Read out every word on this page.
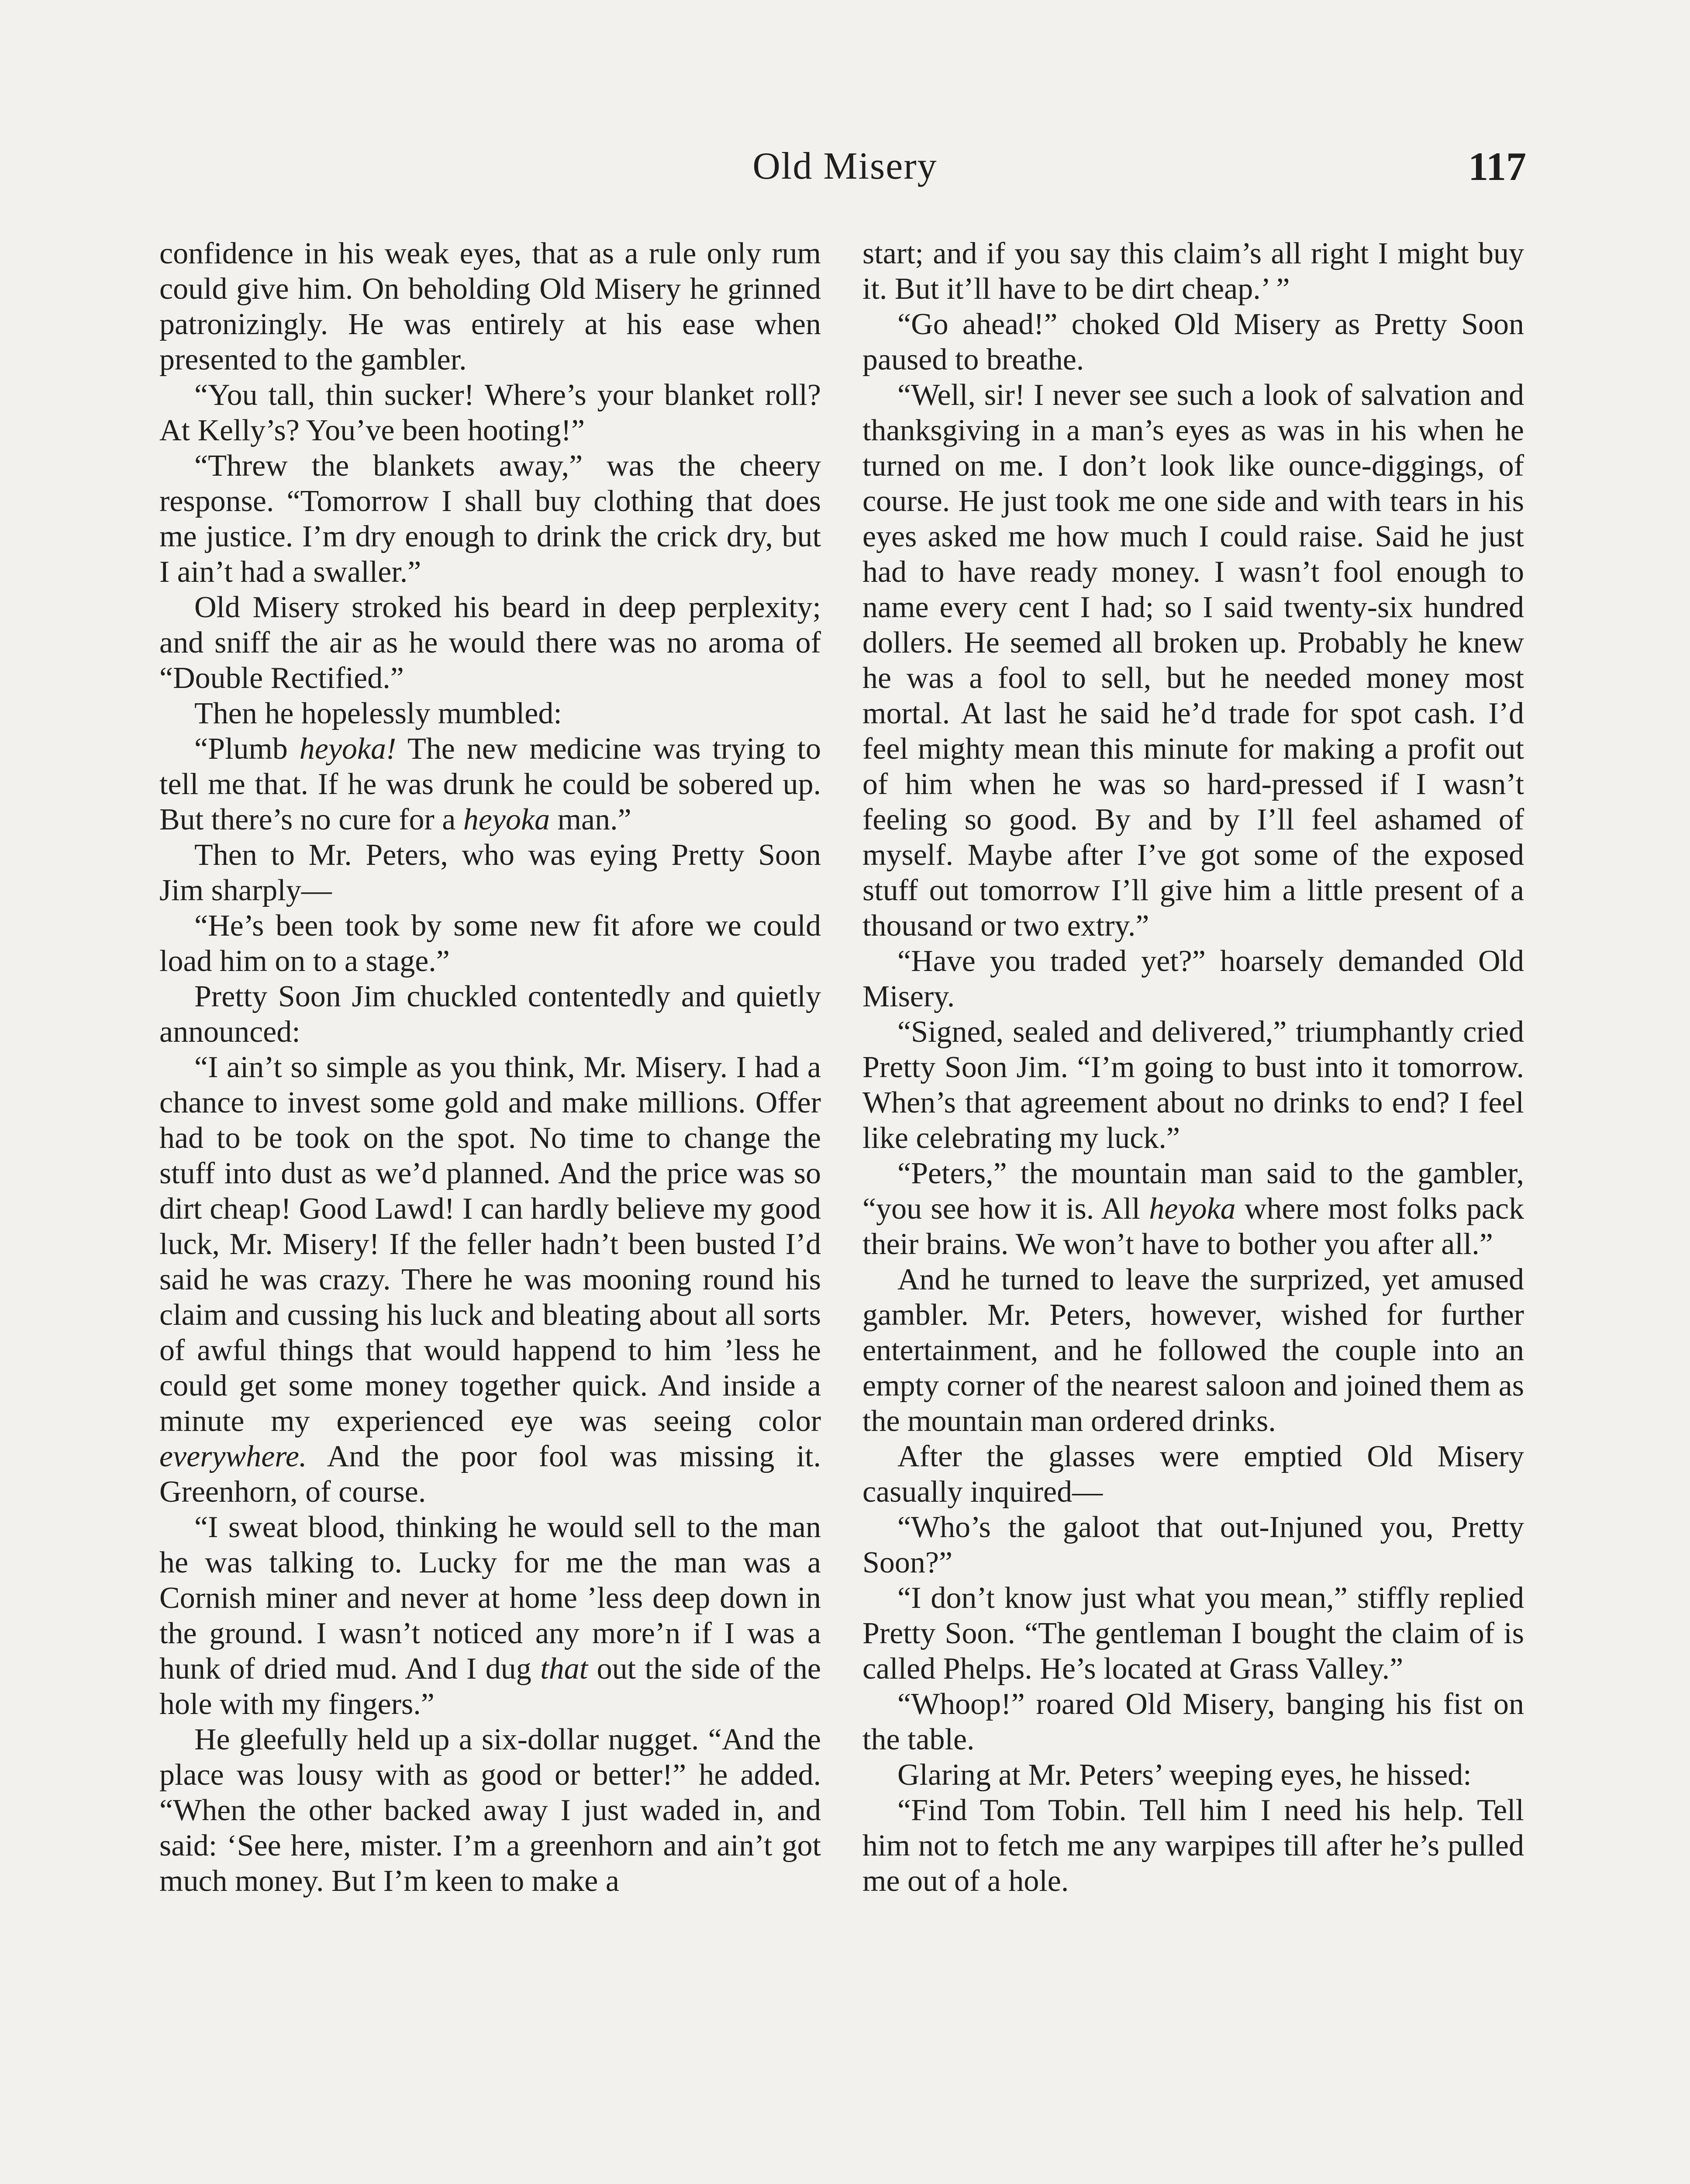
Old Misery	117

confidence in his weak eyes, that as a rule only rum could give him. On beholding Old Misery he grinned patronizingly. He was entirely at his ease when presented to the gambler.

“You tall, thin sucker! Where’s your blanket roll? At Kelly’s? You’ve been hooting!”

“Threw the blankets away,” was the cheery response. “Tomorrow I shall buy clothing that does me justice. I’m dry enough to drink the crick dry, but I ain’t had a swaller.”

Old Misery stroked his beard in deep perplexity; and sniff the air as he would there was no aroma of “Double Rectified.”

Then he hopelessly mumbled:

“Plumb heyoka! The new medicine was trying to tell me that. If he was drunk he could be sobered up. But there’s no cure for a heyoka man.”

Then to Mr. Peters, who was eying Pretty Soon Jim sharply—

“He’s been took by some new fit afore we could load him on to a stage.”

Pretty Soon Jim chuckled contentedly and quietly announced:

“I ain’t so simple as you think, Mr. Misery. I had a chance to invest some gold and make millions. Offer had to be took on the spot. No time to change the stuff into dust as we’d planned. And the price was so dirt cheap! Good Lawd! I can hardly believe my good luck, Mr. Misery! If the feller hadn’t been busted I’d said he was crazy. There he was mooning round his claim and cussing his luck and bleating about all sorts of awful things that would happend to him ’less he could get some money together quick. And inside a minute my experienced eye was seeing color everywhere. And the poor fool was missing it. Greenhorn, of course.

“I sweat blood, thinking he would sell to the man he was talking to. Lucky for me the man was a Cornish miner and never at home ’less deep down in the ground. I wasn’t noticed any more’n if I was a hunk of dried mud. And I dug that out the side of the hole with my fingers.”

He gleefully held up a six-dollar nugget. “And the place was lousy with as good or better!” he added. “When the other backed away I just waded in, and said: ‘See here, mister. I’m a greenhorn and ain’t got much money. But I’m keen to make a

start; and if you say this claim’s all right I might buy it. But it’ll have to be dirt cheap.’ ”

“Go ahead!” choked Old Misery as Pretty Soon paused to breathe.

“Well, sir! I never see such a look of salvation and thanksgiving in a man’s eyes as was in his when he turned on me. I don’t look like ounce-diggings, of course. He just took me one side and with tears in his eyes asked me how much I could raise. Said he just had to have ready money. I wasn’t fool enough to name every cent I had; so I said twenty-six hundred dollers. He seemed all broken up. Probably he knew he was a fool to sell, but he needed money most mortal. At last he said he’d trade for spot cash. I’d feel mighty mean this minute for making a profit out of him when he was so hard-pressed if I wasn’t feeling so good. By and by I’ll feel ashamed of myself. Maybe after I’ve got some of the exposed stuff out tomorrow I’ll give him a little present of a thousand or two extry.”

“Have you traded yet?” hoarsely demanded Old Misery.

“Signed, sealed and delivered,” triumphantly cried Pretty Soon Jim. “I’m going to bust into it tomorrow. When’s that agreement about no drinks to end? I feel like celebrating my luck.”

“Peters,” the mountain man said to the gambler, “you see how it is. All heyoka where most folks pack their brains. We won’t have to bother you after all.”

And he turned to leave the surprized, yet amused gambler. Mr. Peters, however, wished for further entertainment, and he followed the couple into an empty corner of the nearest saloon and joined them as the mountain man ordered drinks.

After the glasses were emptied Old Misery casually inquired—

“Who’s the galoot that out-Injuned you, Pretty Soon?”

“I don’t know just what you mean,” stiffly replied Pretty Soon. “The gentleman I bought the claim of is called Phelps. He’s located at Grass Valley.”

“Whoop!” roared Old Misery, banging his fist on the table.

Glaring at Mr. Peters’ weeping eyes, he hissed:

“Find Tom Tobin. Tell him I need his help. Tell him not to fetch me any warpipes till after he’s pulled me out of a hole.
